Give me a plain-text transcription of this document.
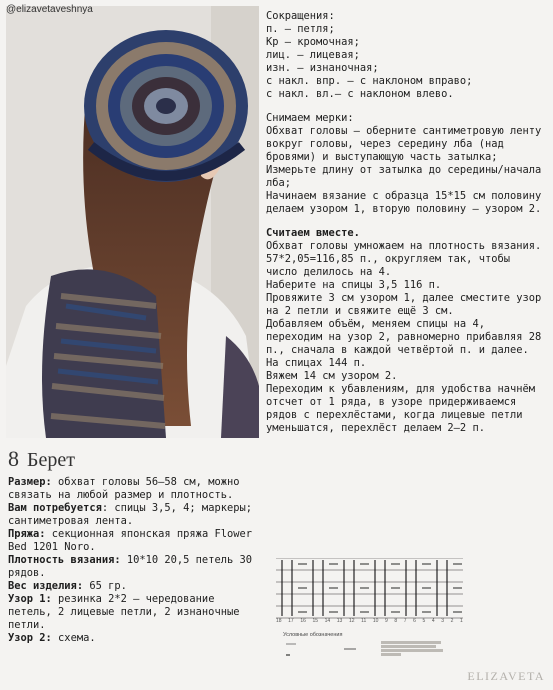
@elizavetaveshnya
8 Берет

Размер: обхват головы 56–58 см, можно связать на любой размер и плотность.

Вам потребуется: спицы 3,5, 4; маркеры; сантиметровая лента.

Пряжа: секционная японская пряжа Flower Bed 1201 Noro.

Плотность вязания: 10*10 20,5 петель 30 рядов.

Вес изделия: 65 гр.

Узор 1: резинка 2*2 – чередование петель, 2 лицевые петли, 2 изнаночные петли.

Узор 2: схема.

Сокращения:

п. – петля;

Кр – кромочная;

лиц. – лицевая;

изн. – изнаночная;

с накл. впр. – с наклоном вправо;

с накл. вл.– с наклоном влево.

Снимаем мерки:

Обхват головы – оберните сантиметровую ленту вокруг головы, через середину лба (над бровями) и выступающую часть затылка;

Измерьте длину от затылка до середины/начала лба;

Начинаем вязание с образца 15*15 см половину делаем узором 1, вторую половину – узором 2.

Считаем вместе.

Обхват головы умножаем на плотность вязания.

57*2,05=116,85 п., округляем так, чтобы число делилось на 4.

Наберите на спицы 3,5 116 п.

Провяжите 3 см узором 1, далее сместите узор на 2 петли и свяжите ещё 3 см.

Добавляем объём, меняем спицы на 4, переходим на узор 2, равномерно прибавляя 28 п., сначала в каждой четвёртой п. и далее.

На спицах 144 п.

Вяжем 14 см узором 2.

Переходим к убавлениям, для удобства начнём отсчет от 1 ряда, в узоре придерживаемся рядов с перехлёстами, когда лицевые петли уменьшатся, перехлёст делаем 2–2 п.

18 17 16 15 14 13 12 11 10 9 8 7 6 5 4 3 2 1
Условные обозначения
ELIZAVETA
